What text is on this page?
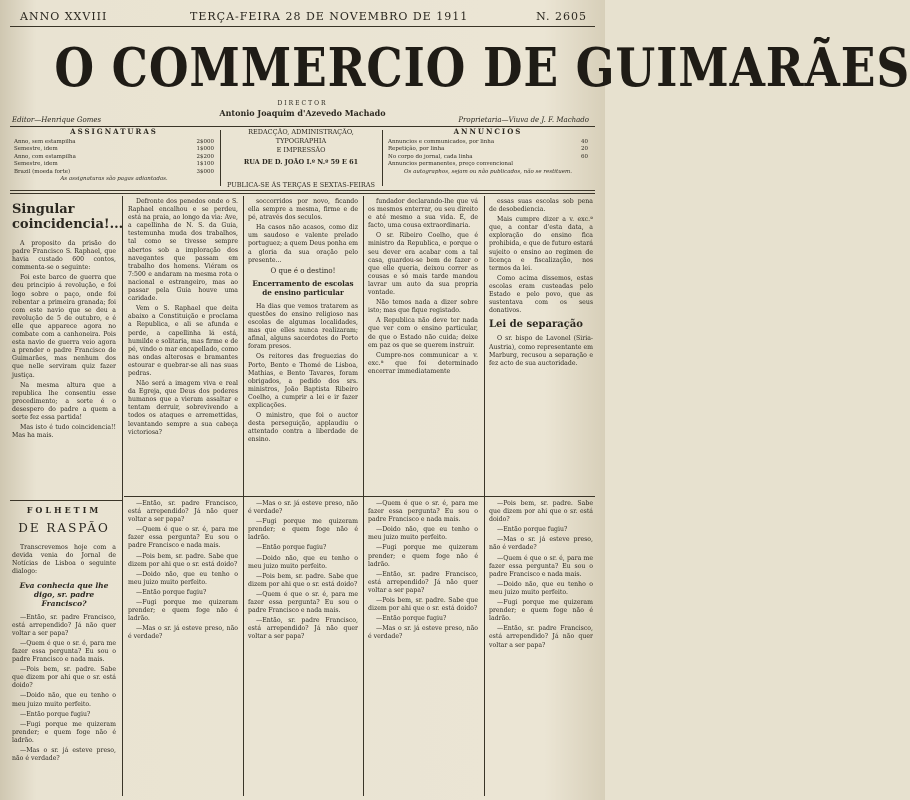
ANNO XXVIII	TERÇA-FEIRA 28 DE NOVEMBRO DE 1911	N. 2605
O COMMERCIO DE GUIMARÃES
DIRECTOR
Antonio Joaquim d'Azevedo Machado
Editor—Henrique Gomes	Proprietaria—Viuva de J. F. Machado
ASSIGNATURAS
Anno, sem estampilha	2$000
Semestre, idem	1$000
Anno, com estampilha	2$200
Semestre, idem	1$100
Brazil (moeda forte)	3$000
As assignaturas são pagas adiantadas.
REDACÇÃO, ADMINISTRAÇÃO, TYPOGRAPHIA
E IMPRESSÃO
RUA DE D. JOÃO I.º N.º 59 E 61
PUBLICA-SE ÁS TERÇAS E SEXTAS-FEIRAS
ANNUNCIOS
Annuncios e communicados, por linha	40
Repetição, por linha	20
No corpo do jornal, cada linha	60
Annuncios permanentes, preço convencional
Os autographos, sejam ou não publicados, não se restituem.
Singular coincidencia!...

A proposito da prisão do padre Francisco S. Raphael, que havia custado 600 contos, commenta-se o seguinte:

Foi este barco de guerra que deu principio á revolução, e foi logo sobre o paço, onde foi rebentar a primeira granada; foi com este navio que se deu a revolução de 5 de outubro, e é elle que apparece agora no combate com a canhoneira. Pois esta navio de guerra veio agora a prender o padre Francisco de Guimarães, mas nenhum dos que nelle serviram quiz fazer justiça.

Na mesma altura que a republica lhe consentiu esse procedimento; a sorte é o desespero do padre a quem a sorte fez essa partida!

Mas isto é tudo coincidencia!! Mas ha mais.

FOLHETIM
DE RASPÃO

Transcrevemos hoje com a devida venia do Jornal de Notícias de Lisboa o seguinte dialogo:

Eva conhecia que lhe digo, sr. padre Francisco?

—Então, sr. padre Francisco, está arrependido? Já não quer voltar a ser papa?

—Quem é que o sr. é, para me fazer essa pergunta? Eu sou o padre Francisco e nada mais.

—Pois bem, sr. padre. Sabe que dizem por ahi que o sr. está doido?

—Doido não, que eu tenho o meu juizo muito perfeito.

—Então porque fugiu?

—Fugi porque me quizeram prender; e quem foge não é ladrão.

—Mas o sr. já esteve preso, não é verdade?

Defronte dos penedos onde o S. Raphael encalhou e se perdeu, está na praia, ao longo da via: Ave, a capellinha de N. S. da Guia, testemunha muda dos trabalhos, tal como se tivesse sempre abertos sob a imploração dos navegantes que passam em trabalho dos homens. Viéram os 7:500 e andaram na mesma rota o nacional e estrangeiro, mas ao passar pela Guia houve uma caridade.

Vem o S. Raphael que deita abaixo a Constituição e proclama a Republica, e ali se afunda e perde, a capellinha lá está, humilde e solitaria, mas firme e de pé, vindo o mar encapellado, como nas ondas alterosas e bramantes estourar e quebrar-se ali nas suas pedras.

Não será a imagem viva e real da Egreja, que Deus dos poderes humanos que a vieram assaltar e tentam derruir, sobrevivendo a todos os ataques e arremettidas, levantando sempre a sua cabeça victoriosa?

soccorridos por novo, ficando ella sempre a mesma, firme e de pé, através dos seculos.

Ha casos não acasos, como diz um saudoso e valente prelado portuguez; a quem Deus ponha em a gloria da sua oração pelo presente...

O que é o destino!

Encerramento de escolas de ensino particular

Ha dias que vemos tratarem as questões do ensino religioso nas escolas de algumas localidades, mas que elles nunca realizaram; afinal, alguns sacerdotes do Porto foram presos.

Os reitores das freguezias do Porto, Bento e Thomé de Lisboa, Mathias, e Bento Tavares, foram obrigados, a pedido dos srs. ministros, João Baptista Ribeiro Coelho, a cumprir a lei e ir fazer explicações.

O ministro, que foi o auctor desta perseguição, applaudiu o attentado contra a liberdade de ensino.

fundador declarando-lhe que vá os mesmos enterrar, ou seu direito e até mesmo a sua vida. É, de facto, uma cousa extraordinaria.

O sr. Ribeiro Coelho, que é ministro da Republica, e porque o seu dever era acabar com a tal casa, guardou-se bem de fazer o que elle queria, deixou correr as cousas e só mais tarde mandou lavrar um auto da sua propria vontade.

Não temos nada a dizer sobre isto; mas que fique registado.

A Republica não deve ter nada que ver com o ensino particular, de que o Estado não cuida; deixe em paz os que se querem instruir.

Cumpre-nos communicar a v. exc.ª que foi determinado encerrar immediatamente

essas suas escolas sob pena de desobediencia.

Mais cumpre dizer a v. exc.ª que, a contar d'esta data, a exploração do ensino fica prohibida, e que de futuro estará sujeito o ensino ao regimen de licença e fiscalização, nos termos da lei.

Como acima dissemos, estas escolas eram custeadas pelo Estado e pelo povo, que as sustentava com os seus donativos.

Lei de separação

O sr. bispo de Lavonel (Siria-Austria), como representante em Marburg, recusou a separação e fez acto de sua auctoridade.

—Então, sr. padre Francisco, está arrependido? Já não quer voltar a ser papa?

—Quem é que o sr. é, para me fazer essa pergunta? Eu sou o padre Francisco e nada mais.

—Pois bem, sr. padre. Sabe que dizem por ahi que o sr. está doido?

—Doido não, que eu tenho o meu juizo muito perfeito.

—Então porque fugiu?

—Fugi porque me quizeram prender; e quem foge não é ladrão.

—Mas o sr. já esteve preso, não é verdade?

—Mas o sr. já esteve preso, não é verdade?

—Fugi porque me quizeram prender; e quem foge não é ladrão.

—Então porque fugiu?

—Doido não, que eu tenho o meu juizo muito perfeito.

—Pois bem, sr. padre. Sabe que dizem por ahi que o sr. está doido?

—Quem é que o sr. é, para me fazer essa pergunta? Eu sou o padre Francisco e nada mais.

—Então, sr. padre Francisco, está arrependido? Já não quer voltar a ser papa?

—Quem é que o sr. é, para me fazer essa pergunta? Eu sou o padre Francisco e nada mais.

—Doido não, que eu tenho o meu juizo muito perfeito.

—Fugi porque me quizeram prender; e quem foge não é ladrão.

—Então, sr. padre Francisco, está arrependido? Já não quer voltar a ser papa?

—Pois bem, sr. padre. Sabe que dizem por ahi que o sr. está doido?

—Então porque fugiu?

—Mas o sr. já esteve preso, não é verdade?

—Pois bem, sr. padre. Sabe que dizem por ahi que o sr. está doido?

—Então porque fugiu?

—Mas o sr. já esteve preso, não é verdade?

—Quem é que o sr. é, para me fazer essa pergunta? Eu sou o padre Francisco e nada mais.

—Doido não, que eu tenho o meu juizo muito perfeito.

—Fugi porque me quizeram prender; e quem foge não é ladrão.

—Então, sr. padre Francisco, está arrependido? Já não quer voltar a ser papa?
